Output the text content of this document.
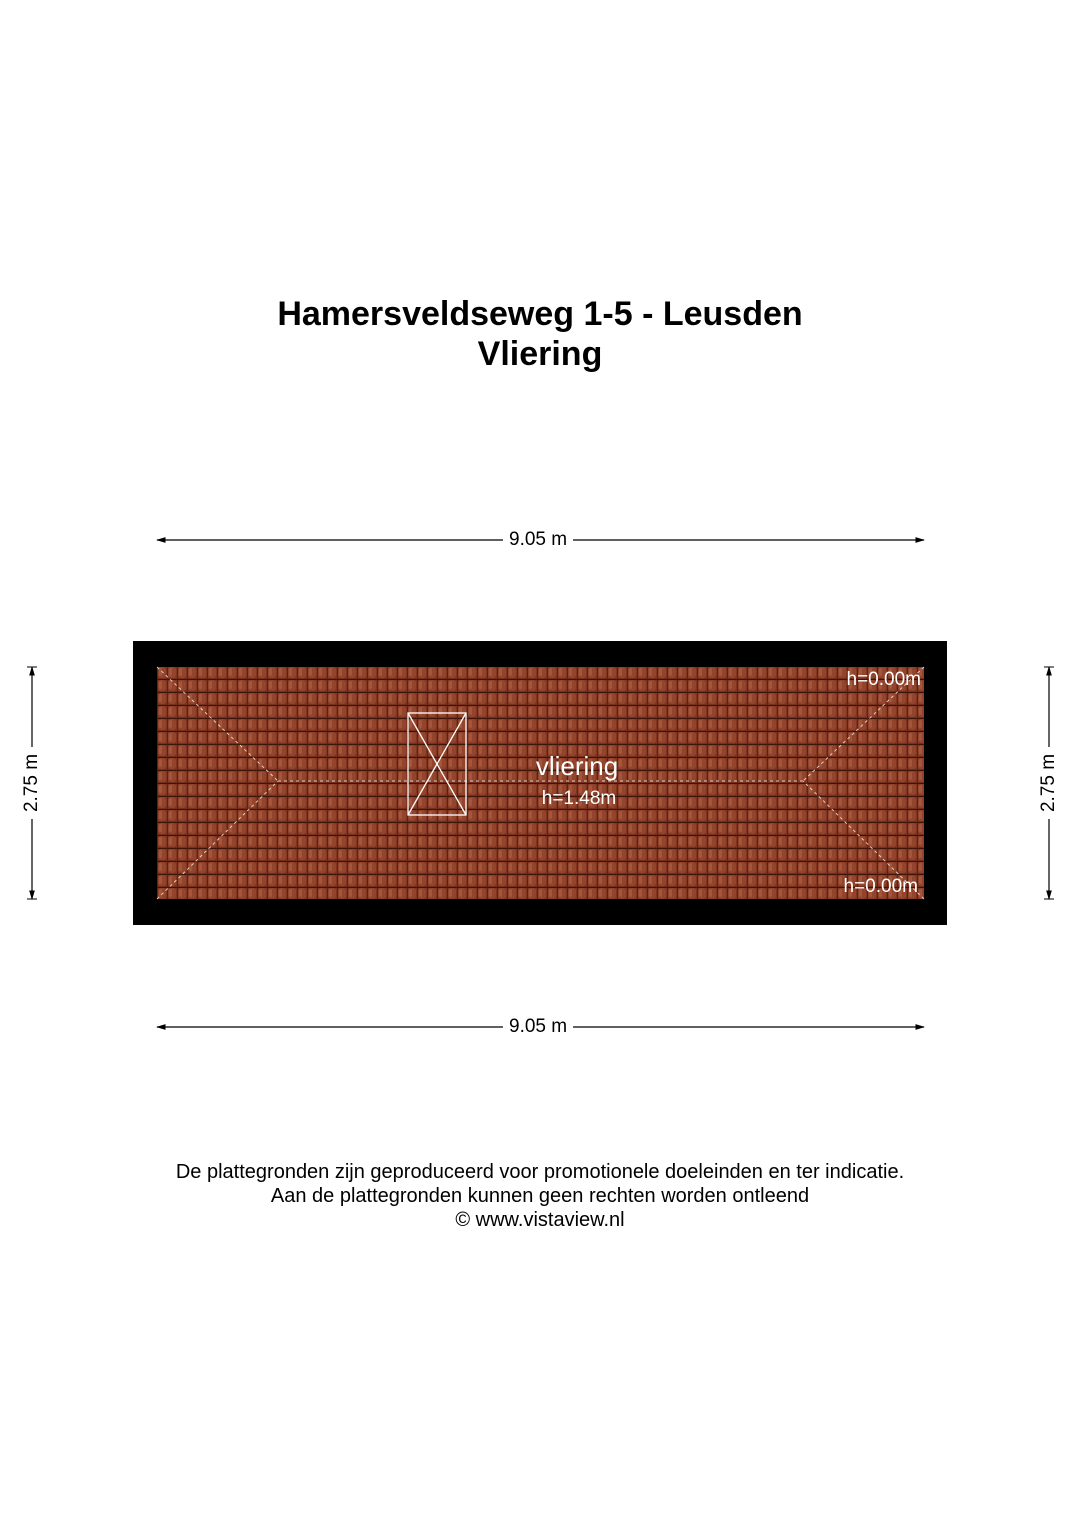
Hamersveldseweg 1-5 - Leusden
Vliering
vliering
h=1.48m
h=0.00m
h=0.00m
9.05 m
9.05 m
2.75 m	2.75 m
De plattegronden zijn geproduceerd voor promotionele doeleinden en ter indicatie.
Aan de plattegronden kunnen geen rechten worden ontleend
© www.vistaview.nl
